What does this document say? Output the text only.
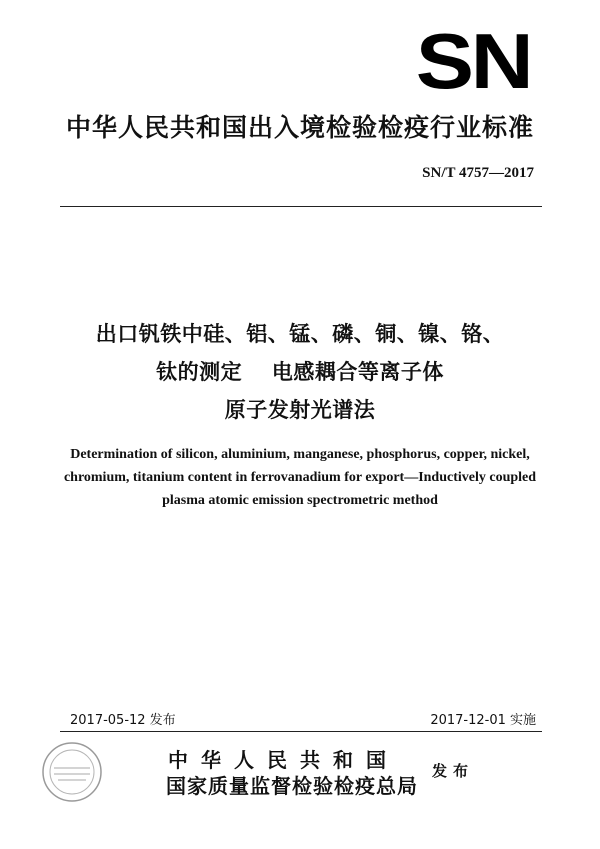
SN
中华人民共和国出入境检验检疫行业标准
SN/T 4757—2017
出口钒铁中硅、铝、锰、磷、铜、镍、铬、
钛的测定 电感耦合等离子体
原子发射光谱法
Determination of silicon, aluminium, manganese, phosphorus, copper, nickel,
chromium, titanium content in ferrovanadium for export—Inductively coupled
plasma atomic emission spectrometric method
2017-05-12 发布	2017-12-01 实施
中华人民共和国
国家质量监督检验检疫总局
发布
